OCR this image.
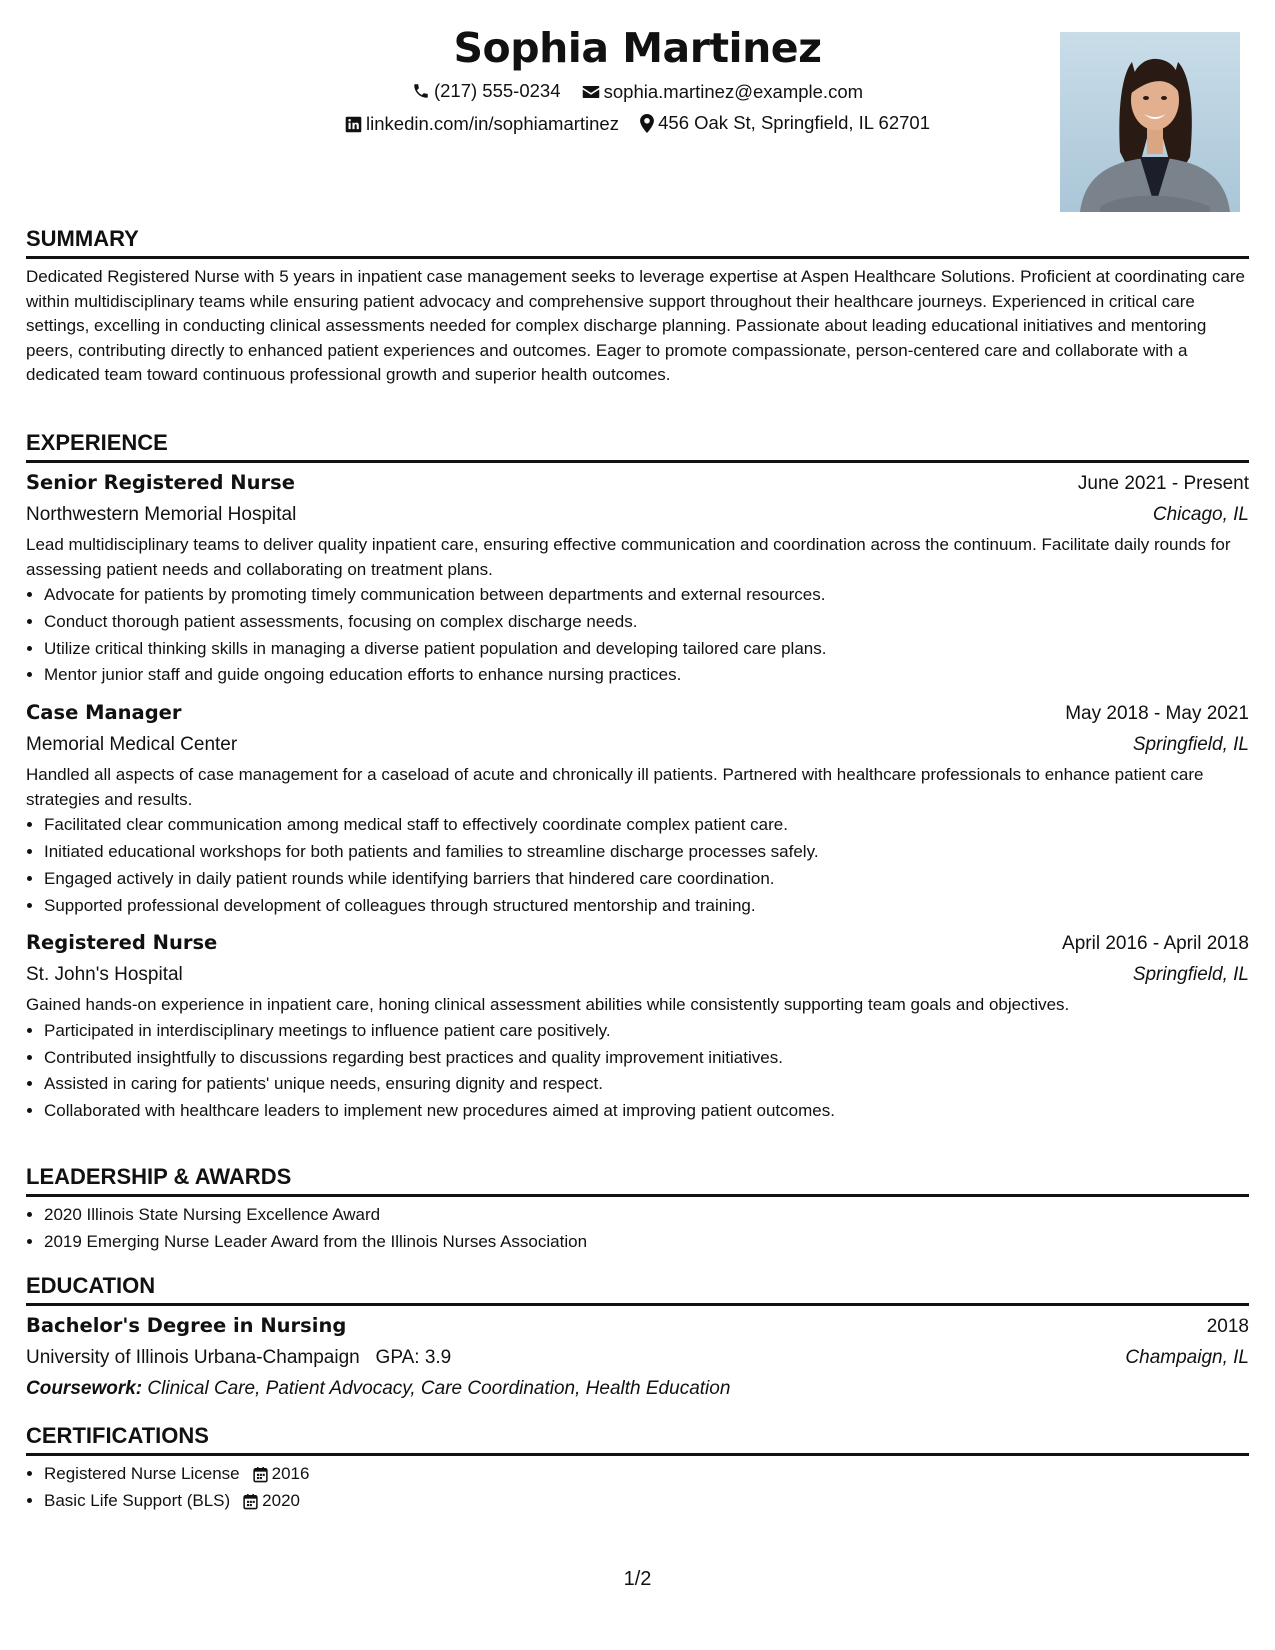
Sophia Martinez
(217) 555-0234
sophia.martinez@example.com
linkedin.com/in/sophiamartinez
456 Oak St, Springfield, IL 62701
SUMMARY

Dedicated Registered Nurse with 5 years in inpatient case management seeks to leverage expertise at Aspen Healthcare Solutions. Proficient at coordinating care within multidisciplinary teams while ensuring patient advocacy and comprehensive support throughout their healthcare journeys. Experienced in critical care settings, excelling in conducting clinical assessments needed for complex discharge planning. Passionate about leading educational initiatives and mentoring peers, contributing directly to enhanced patient experiences and outcomes. Eager to promote compassionate, person-centered care and collaborate with a dedicated team toward continuous professional growth and superior health outcomes.

EXPERIENCE
Senior Registered Nurse	June 2021 - Present
Northwestern Memorial Hospital	Chicago, IL

Lead multidisciplinary teams to deliver quality inpatient care, ensuring effective communication and coordination across the continuum. Facilitate daily rounds for assessing patient needs and collaborating on treatment plans.

• Advocate for patients by promoting timely communication between departments and external resources.
• Conduct thorough patient assessments, focusing on complex discharge needs.
• Utilize critical thinking skills in managing a diverse patient population and developing tailored care plans.
• Mentor junior staff and guide ongoing education efforts to enhance nursing practices.
Case Manager	May 2018 - May 2021
Memorial Medical Center	Springfield, IL

Handled all aspects of case management for a caseload of acute and chronically ill patients. Partnered with healthcare professionals to enhance patient care strategies and results.

• Facilitated clear communication among medical staff to effectively coordinate complex patient care.
• Initiated educational workshops for both patients and families to streamline discharge processes safely.
• Engaged actively in daily patient rounds while identifying barriers that hindered care coordination.
• Supported professional development of colleagues through structured mentorship and training.
Registered Nurse	April 2016 - April 2018
St. John's Hospital	Springfield, IL

Gained hands-on experience in inpatient care, honing clinical assessment abilities while consistently supporting team goals and objectives.

• Participated in interdisciplinary meetings to influence patient care positively.
• Contributed insightfully to discussions regarding best practices and quality improvement initiatives.
• Assisted in caring for patients' unique needs, ensuring dignity and respect.
• Collaborated with healthcare leaders to implement new procedures aimed at improving patient outcomes.
LEADERSHIP & AWARDS
• 2020 Illinois State Nursing Excellence Award
• 2019 Emerging Nurse Leader Award from the Illinois Nurses Association
EDUCATION
Bachelor's Degree in Nursing	2018
University of Illinois Urbana-Champaign GPA: 3.9	Champaign, IL
Coursework: Clinical Care, Patient Advocacy, Care Coordination, Health Education
CERTIFICATIONS
• Registered Nurse License 2016
• Basic Life Support (BLS) 2020
1/2
